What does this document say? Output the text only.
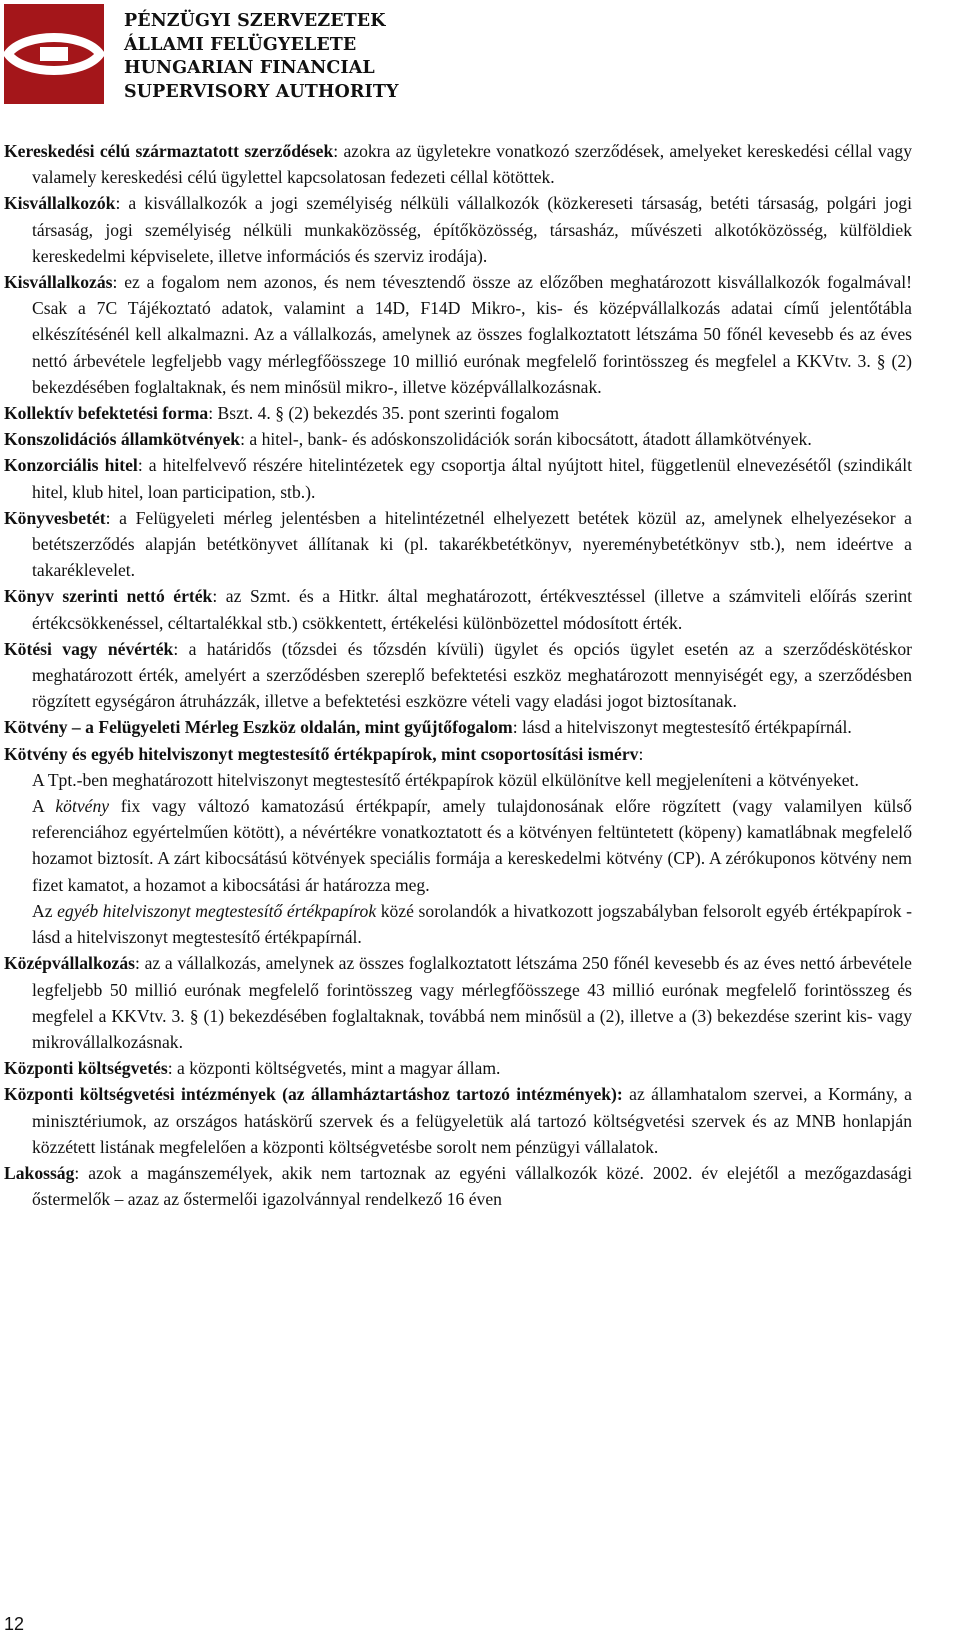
PÉNZÜGYI SZERVEZETEK
ÁLLAMI FELÜGYELETE
HUNGARIAN FINANCIAL
SUPERVISORY AUTHORITY

Kereskedési célú származtatott szerződések: azokra az ügyletekre vonatkozó szerződések, amelyeket kereskedési céllal vagy valamely kereskedési célú ügylettel kapcsolatosan fedezeti céllal kötöttek.

Kisvállalkozók: a kisvállalkozók a jogi személyiség nélküli vállalkozók (közkereseti társaság, betéti társaság, polgári jogi társaság, jogi személyiség nélküli munkaközösség, építőközösség, társasház, művészeti alkotóközösség, külföldiek kereskedelmi képviselete, illetve információs és szerviz irodája).

Kisvállalkozás: ez a fogalom nem azonos, és nem tévesztendő össze az előzőben meghatározott kisvállalkozók fogalmával! Csak a 7C Tájékoztató adatok, valamint a 14D, F14D Mikro-, kis- és középvállalkozás adatai című jelentőtábla elkészítésénél kell alkalmazni. Az a vállalkozás, amelynek az összes foglalkoztatott létszáma 50 főnél kevesebb és az éves nettó árbevétele legfeljebb vagy mérlegfőösszege 10 millió eurónak megfelelő forintösszeg és megfelel a KKVtv. 3. § (2) bekezdésében foglaltaknak, és nem minősül mikro-, illetve középvállalkozásnak.

Kollektív befektetési forma: Bszt. 4. § (2) bekezdés 35. pont szerinti fogalom

Konszolidációs államkötvények: a hitel-, bank- és adóskonszolidációk során kibocsátott, átadott államkötvények.

Konzorciális hitel: a hitelfelvevő részére hitelintézetek egy csoportja által nyújtott hitel, függetlenül elnevezésétől (szindikált hitel, klub hitel, loan participation, stb.).

Könyvesbetét: a Felügyeleti mérleg jelentésben a hitelintézetnél elhelyezett betétek közül az, amelynek elhelyezésekor a betétszerződés alapján betétkönyvet állítanak ki (pl. takarékbetétkönyv, nyereménybetétkönyv stb.), nem ideértve a takaréklevelet.

Könyv szerinti nettó érték: az Szmt. és a Hitkr. által meghatározott, értékvesztéssel (illetve a számviteli előírás szerint értékcsökkenéssel, céltartalékkal stb.) csökkentett, értékelési különbözettel módosított érték.

Kötési vagy névérték: a határidős (tőzsdei és tőzsdén kívüli) ügylet és opciós ügylet esetén az a szerződéskötéskor meghatározott érték, amelyért a szerződésben szereplő befektetési eszköz meghatározott mennyiségét egy, a szerződésben rögzített egységáron átruházzák, illetve a befektetési eszközre vételi vagy eladási jogot biztosítanak.

Kötvény – a Felügyeleti Mérleg Eszköz oldalán, mint gyűjtőfogalom: lásd a hitelviszonyt megtestesítő értékpapírnál.

Kötvény és egyéb hitelviszonyt megtestesítő értékpapírok, mint csoportosítási ismérv:

A Tpt.-ben meghatározott hitelviszonyt megtestesítő értékpapírok közül elkülönítve kell megjeleníteni a kötvényeket.

A kötvény fix vagy változó kamatozású értékpapír, amely tulajdonosának előre rögzített (vagy valamilyen külső referenciához egyértelműen kötött), a névértékre vonatkoztatott és a kötvényen feltüntetett (köpeny) kamatlábnak megfelelő hozamot biztosít. A zárt kibocsátású kötvények speciális formája a kereskedelmi kötvény (CP). A zérókuponos kötvény nem fizet kamatot, a hozamot a kibocsátási ár határozza meg.

Az egyéb hitelviszonyt megtestesítő értékpapírok közé sorolandók a hivatkozott jogszabályban felsorolt egyéb értékpapírok - lásd a hitelviszonyt megtestesítő értékpapírnál.

Középvállalkozás: az a vállalkozás, amelynek az összes foglalkoztatott létszáma 250 főnél kevesebb és az éves nettó árbevétele legfeljebb 50 millió eurónak megfelelő forintösszeg vagy mérlegfőösszege 43 millió eurónak megfelelő forintösszeg és megfelel a KKVtv. 3. § (1) bekezdésében foglaltaknak, továbbá nem minősül a (2), illetve a (3) bekezdése szerint kis- vagy mikrovállalkozásnak.

Központi költségvetés: a központi költségvetés, mint a magyar állam.

Központi költségvetési intézmények (az államháztartáshoz tartozó intézmények): az államhatalom szervei, a Kormány, a minisztériumok, az országos hatáskörű szervek és a felügyeletük alá tartozó költségvetési szervek és az MNB honlapján közzétett listának megfelelően a központi költségvetésbe sorolt nem pénzügyi vállalatok.

Lakosság: azok a magánszemélyek, akik nem tartoznak az egyéni vállalkozók közé. 2002. év elejétől a mezőgazdasági őstermelők – azaz az őstermelői igazolvánnyal rendelkező 16 éven

12
